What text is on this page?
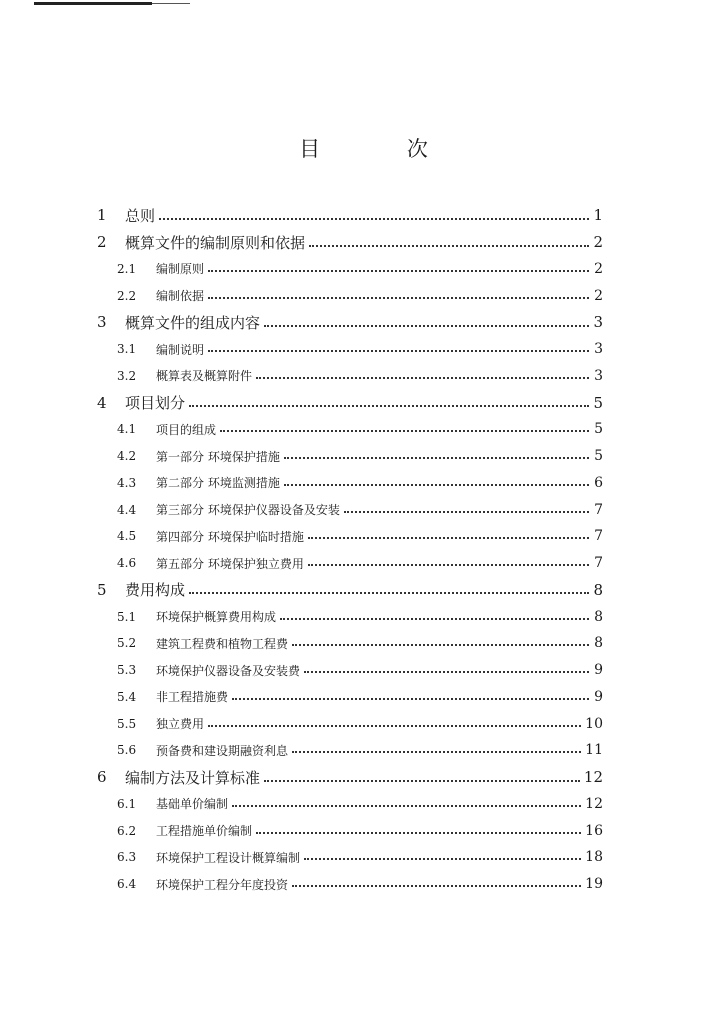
目 次
1	总则	1
2	概算文件的编制原则和依据	2
2.1	编制原则	2
2.2	编制依据	2
3	概算文件的组成内容	3
3.1	编制说明	3
3.2	概算表及概算附件	3
4	项目划分	5
4.1	项目的组成	5
4.2	第一部分 环境保护措施	5
4.3	第二部分 环境监测措施	6
4.4	第三部分 环境保护仪器设备及安装	7
4.5	第四部分 环境保护临时措施	7
4.6	第五部分 环境保护独立费用	7
5	费用构成	8
5.1	环境保护概算费用构成	8
5.2	建筑工程费和植物工程费	8
5.3	环境保护仪器设备及安装费	9
5.4	非工程措施费	9
5.5	独立费用	10
5.6	预备费和建设期融资利息	11
6	编制方法及计算标准	12
6.1	基础单价编制	12
6.2	工程措施单价编制	16
6.3	环境保护工程设计概算编制	18
6.4	环境保护工程分年度投资	19
